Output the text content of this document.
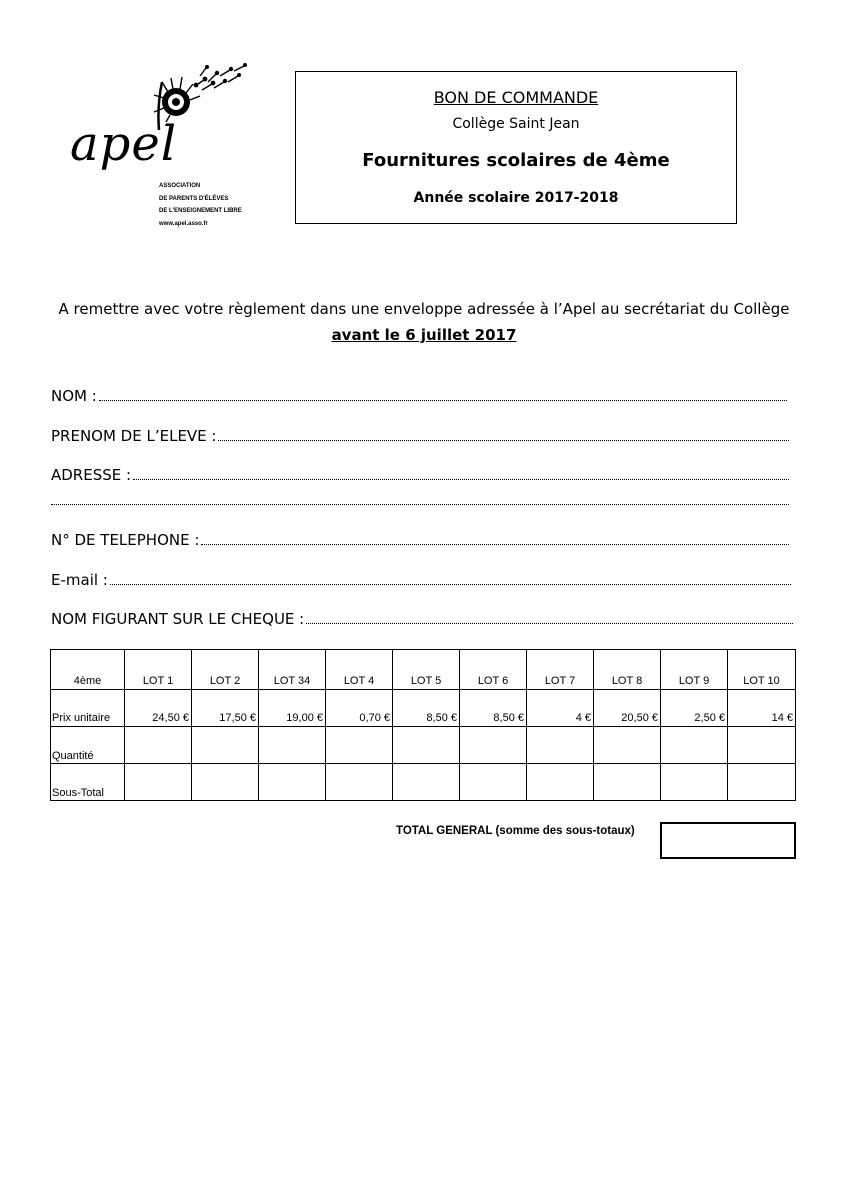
apel
ASSOCIATION
DE PARENTS D'ÉLÈVES
DE L'ENSEIGNEMENT LIBRE
www.apel.asso.fr
BON DE COMMANDE
Collège Saint Jean
Fournitures scolaires de 4ème
Année scolaire 2017-2018
A remettre avec votre règlement dans une enveloppe adressée à l’Apel au secrétariat du Collège
avant le 6 juillet 2017
NOM :
PRENOM DE L’ELEVE :
ADRESSE :
N° DE TELEPHONE :
E-mail :
NOM FIGURANT SUR LE CHEQUE :
4ème	LOT 1	LOT 2	LOT 34	LOT 4	LOT 5	LOT 6	LOT 7	LOT 8	LOT 9	LOT 10
Prix unitaire	24,50 €	17,50 €	19,00 €	0,70 €	8,50 €	8,50 €	4 €	20,50 €	2,50 €	14 €
Quantité										
Sous-Total										
TOTAL GENERAL (somme des sous-totaux)
